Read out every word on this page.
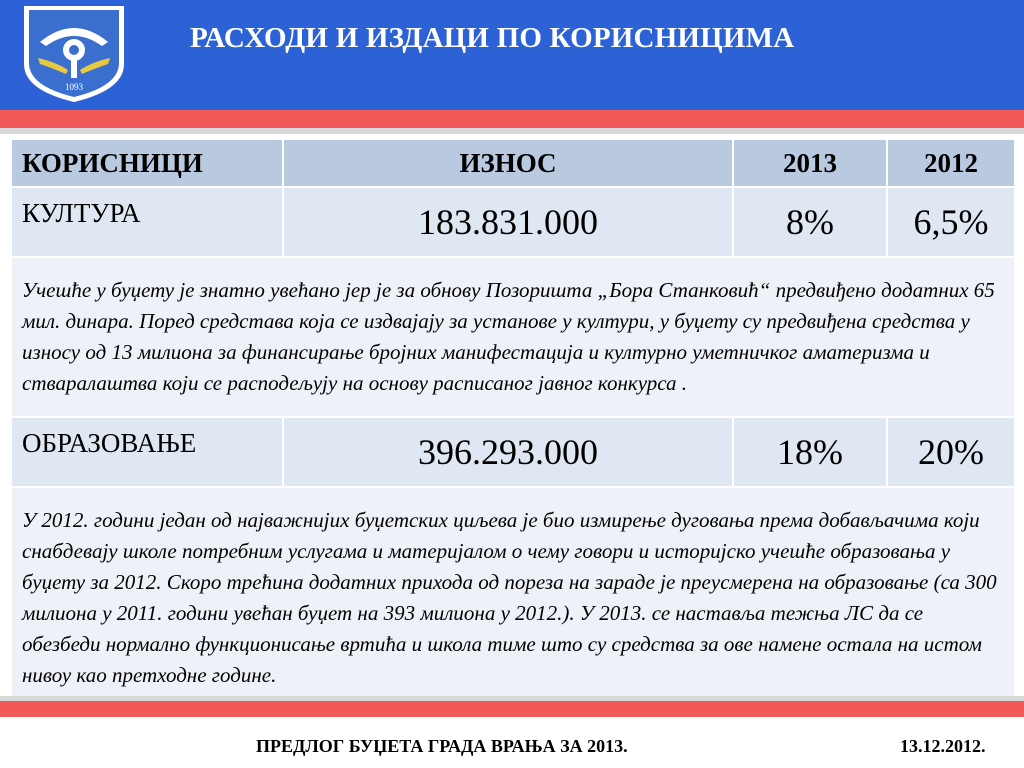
1093
РАСХОДИ И ИЗДАЦИ ПО КОРИСНИЦИМА
КОРИСНИЦИ	ИЗНОС	2013	2012
КУЛТУРА	183.831.000	8%	6,5%
Учешће у буџету је знатно увећано јер је за обнову Позоришта „Бора Станковић“ предвиђено додатних 65 мил. динара. Поред средстава која се издвајају за установе у култури, у буџету су предвиђена средства у износу од 13 милиона за финансирање бројних манифестација и културно уметничког аматеризма и стваралаштва који се расподељују на основу расписаног јавног конкурса .			
ОБРАЗОВАЊЕ	396.293.000	18%	20%
У 2012. години један од најважнијих буџетских циљева је био измирење дуговања према добављачима који снабдевају школе потребним услугама и материјалом о чему говори и историјско учешће образовања у буџету за 2012. Скоро трећина додатних прихода од пореза на зараде је преусмерена на образовање (са 300 милиона у 2011. години увећан буџет на 393 милиона у 2012.). У 2013. се наставља тежња ЛС да се обезбеди нормално функционисање вртића и школа тиме што су средства за ове намене остала на истом нивоу као претходне године.			
ПРЕДЛОГ БУЏЕТА ГРАДА ВРАЊА ЗА 2013.	13.12.2012.
